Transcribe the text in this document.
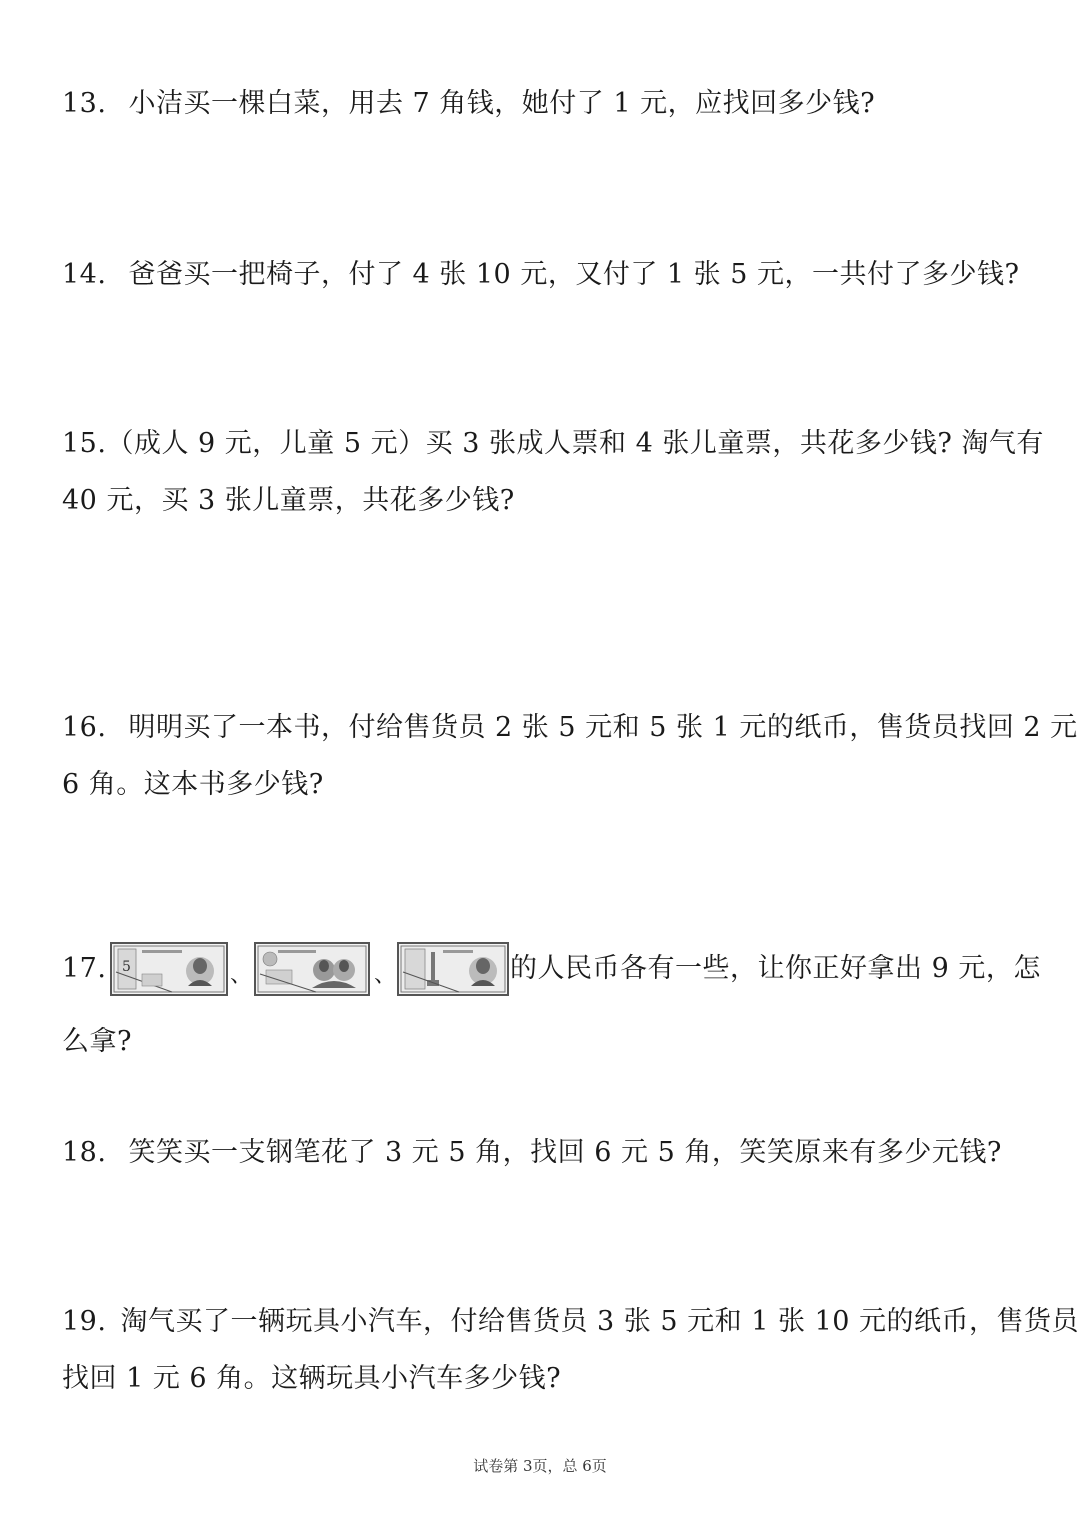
13. 小洁买一棵白菜，用去 7 角钱，她付了 1 元，应找回多少钱?
14. 爸爸买一把椅子，付了 4 张 10 元，又付了 1 张 5 元，一共付了多少钱?
15.（成人 9 元，儿童 5 元）买 3 张成人票和 4 张儿童票，共花多少钱? 淘气有
40 元，买 3 张儿童票，共花多少钱?
16. 明明买了一本书，付给售货员 2 张 5 元和 5 张 1 元的纸币，售货员找回 2 元
6 角。这本书多少钱?
17. 5	、	、	的人民币各有一些，让你正好拿出 9 元，怎
么拿?
18. 笑笑买一支钢笔花了 3 元 5 角，找回 6 元 5 角，笑笑原来有多少元钱?
19. 淘气买了一辆玩具小汽车，付给售货员 3 张 5 元和 1 张 10 元的纸币，售货员
找回 1 元 6 角。这辆玩具小汽车多少钱?
试卷第 3页，总 6页
